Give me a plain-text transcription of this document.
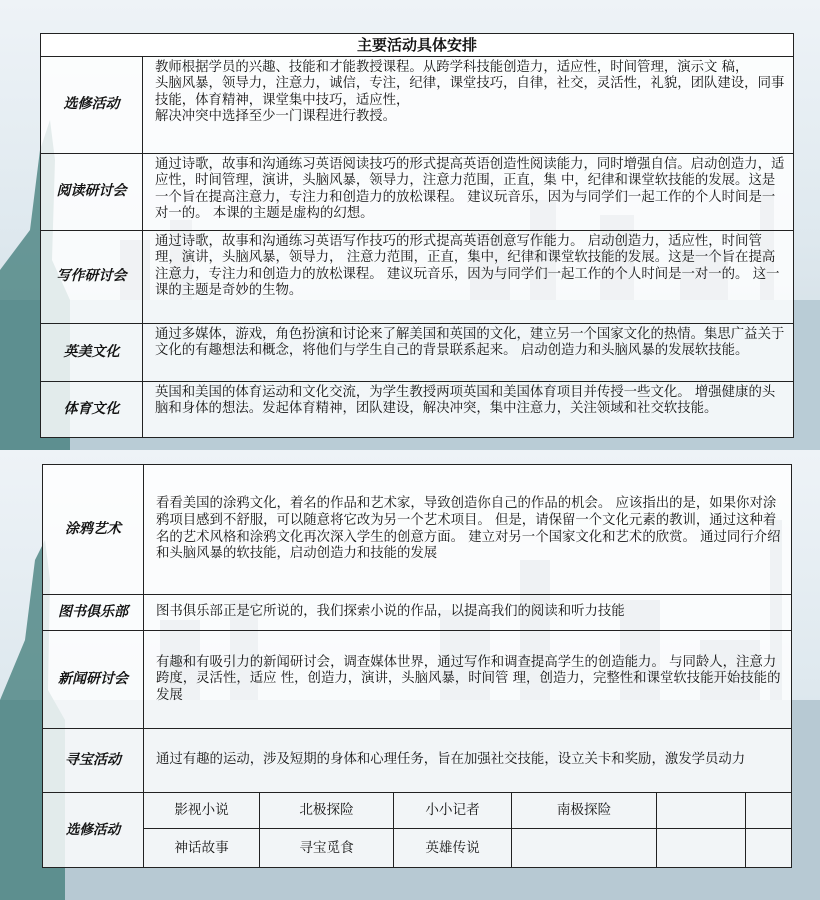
主要活动具体安排	
选修活动	教师根据学员的兴趣、技能和才能教授课程。从跨学科技能创造力，适应性，时间管理，演示文 稿，
头脑风暴，领导力，注意力，诚信，专注，纪律，课堂技巧，自律，社交，灵活性，礼貌，团队建设，同事技能，体育精神，课堂集中技巧，适应性，
解决冲突中选择至少一门课程进行教授。

阅读研讨会	通过诗歌，故事和沟通练习英语阅读技巧的形式提高英语创造性阅读能力，同时增强自信。启动创造力，适应性，时间管理，演讲，头脑风暴，领导力，注意力范围，正直，集 中，纪律和课堂软技能的发展。这是一个旨在提高注意力，专注力和创造力的放松课程。 建议玩音乐，因为与同学们一起工作的个人时间是一对一的。 本课的主题是虚构的幻想。
写作研讨会	通过诗歌，故事和沟通练习英语写作技巧的形式提高英语创意写作能力。 启动创造力，适应性，时间管理，演讲，头脑风暴，领导力， 注意力范围，正直，集中，纪律和课堂软技能的发展。这是一个旨在提高注意力，专注力和创造力的放松课程。 建议玩音乐，因为与同学们一起工作的个人时间是一对一的。 这一课的主题是奇妙的生物。
英美文化	通过多媒体，游戏，角色扮演和讨论来了解美国和英国的文化，建立另一个国家文化的热情。集思广益关于文化的有趣想法和概念，将他们与学生自己的背景联系起来。 启动创造力和头脑风暴的发展软技能。
体育文化	英国和美国的体育运动和文化交流，为学生教授两项英国和美国体育项目并传授一些文化。 增强健康的头脑和身体的想法。发起体育精神，团队建设，解决冲突，集中注意力，关注领域和社交软技能。
涂鸦艺术	看看美国的涂鸦文化，着名的作品和艺术家，导致创造你自己的作品的机会。 应该指出的是，如果你对涂鸦项目感到不舒服，可以随意将它改为另一个艺术项目。 但是，请保留一个文化元素的教训，通过这种着名的艺术风格和涂鸦文化再次深入学生的创意方面。 建立对另一个国家文化和艺术的欣赏。 通过同行介绍和头脑风暴的软技能，启动创造力和技能的发展					
图书俱乐部	图书俱乐部正是它所说的，我们探索小说的作品，以提高我们的阅读和听力技能					
新闻研讨会	有趣和有吸引力的新闻研讨会，调查媒体世界，通过写作和调查提高学生的创造能力。 与同龄人，注意力跨度，灵活性，适应 性，创造力，演讲，头脑风暴，时间管 理，创造力，完整性和课堂软技能开始技能的发展					
寻宝活动	通过有趣的运动，涉及短期的身体和心理任务，旨在加强社交技能，设立关卡和奖励，激发学员动力					
选修活动	影视小说	北极探险	小小记者	南极探险		
	神话故事	寻宝觅食	英雄传说			
